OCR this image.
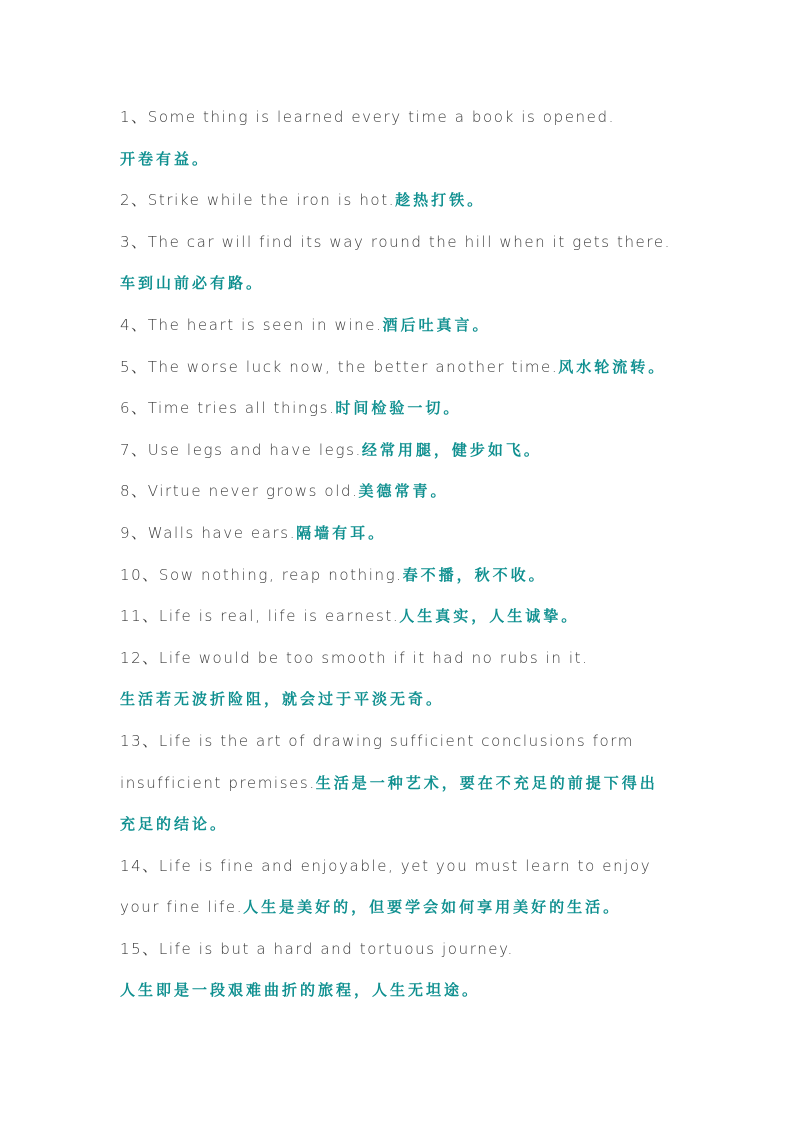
1、Some thing is learned every time a book is opened.
开卷有益。
2、Strike while the iron is hot.趁热打铁。
3、The car will find its way round the hill when it gets there.
车到山前必有路。
4、The heart is seen in wine.酒后吐真言。
5、The worse luck now, the better another time.风水轮流转。
6、Time tries all things.时间检验一切。
7、Use legs and have legs.经常用腿，健步如飞。
8、Virtue never grows old.美德常青。
9、Walls have ears.隔墙有耳。
10、Sow nothing, reap nothing.春不播，秋不收。
11、Life is real, life is earnest.人生真实，人生诚挚。
12、Life would be too smooth if it had no rubs in it.
生活若无波折险阻，就会过于平淡无奇。
13、Life is the art of drawing sufficient conclusions form
insufficient premises.生活是一种艺术，要在不充足的前提下得出
充足的结论。
14、Life is fine and enjoyable, yet you must learn to enjoy
your fine life.人生是美好的，但要学会如何享用美好的生活。
15、Life is but a hard and tortuous journey.
人生即是一段艰难曲折的旅程，人生无坦途。
